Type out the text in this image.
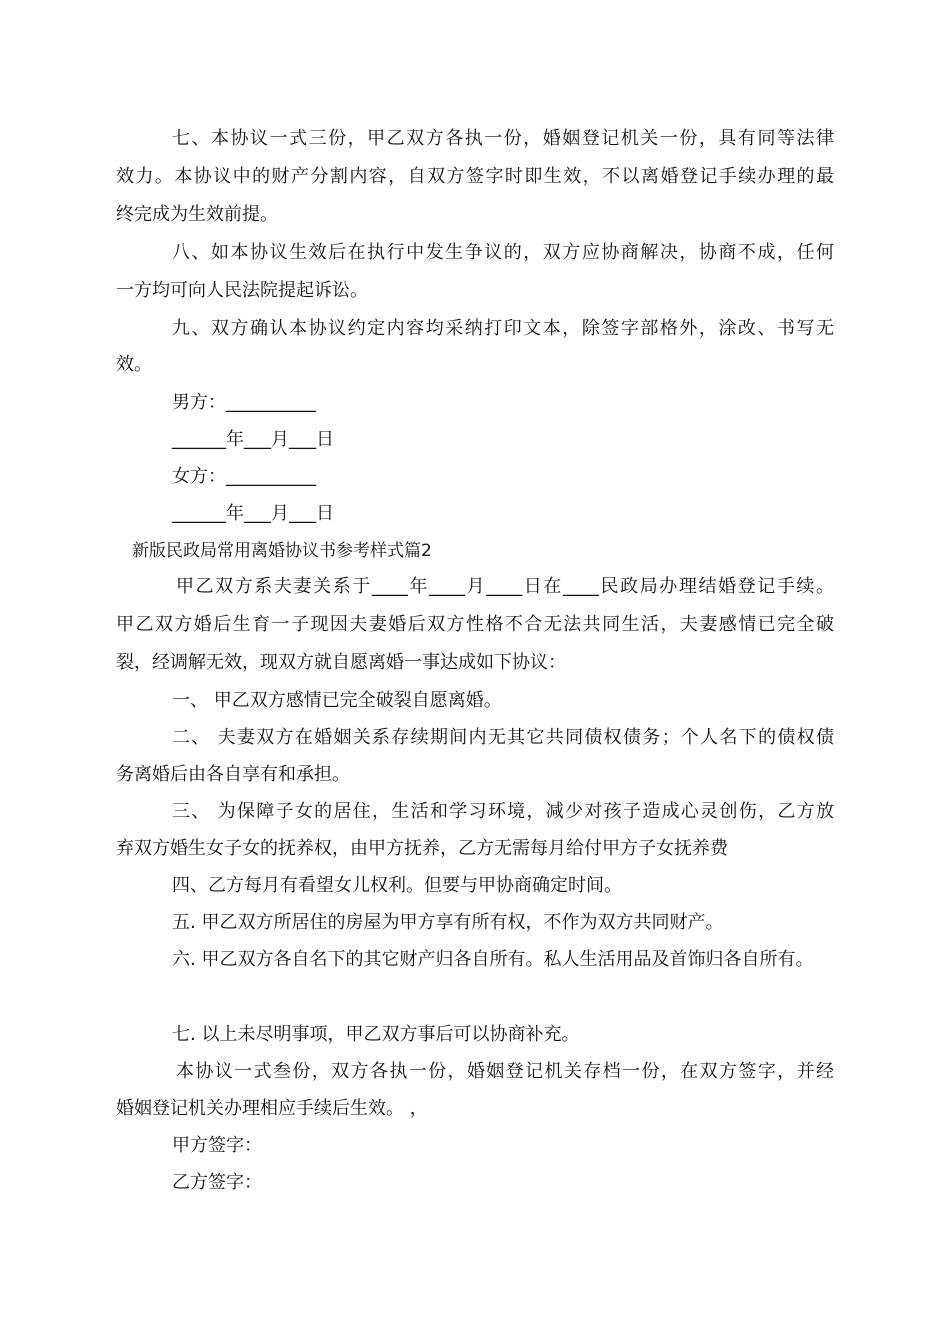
七、本协议一式三份，甲乙双方各执一份，婚姻登记机关一份，具有同等法律
效力。本协议中的财产分割内容，自双方签字时即生效，不以离婚登记手续办理的最
终完成为生效前提。
八、如本协议生效后在执行中发生争议的，双方应协商解决，协商不成，任何
一方均可向人民法院提起诉讼。
九、双方确认本协议约定内容均采纳打印文本，除签字部格外，涂改、书写无
效。
男方：__________
______年___月___日
女方：__________
______年___月___日
新版民政局常用离婚协议书参考样式篇2
甲乙双方系夫妻关系于____年____月____日在____民政局办理结婚登记手续。
甲乙双方婚后生育一子现因夫妻婚后双方性格不合无法共同生活，夫妻感情已完全破
裂，经调解无效，现双方就自愿离婚一事达成如下协议：
一、 甲乙双方感情已完全破裂自愿离婚。
二、 夫妻双方在婚姻关系存续期间内无其它共同债权债务；个人名下的债权债
务离婚后由各自享有和承担。
三、 为保障子女的居住，生活和学习环境，减少对孩子造成心灵创伤，乙方放
弃双方婚生女子女的抚养权，由甲方抚养，乙方无需每月给付甲方子女抚养费
四、乙方每月有看望女儿权利。但要与甲协商确定时间。
五. 甲乙双方所居住的房屋为甲方享有所有权，不作为双方共同财产。
六. 甲乙双方各自名下的其它财产归各自所有。私人生活用品及首饰归各自所有。
七. 以上未尽明事项，甲乙双方事后可以协商补充。
本协议一式叁份，双方各执一份，婚姻登记机关存档一份，在双方签字，并经
婚姻登记机关办理相应手续后生效。 ，
甲方签字：
乙方签字：
